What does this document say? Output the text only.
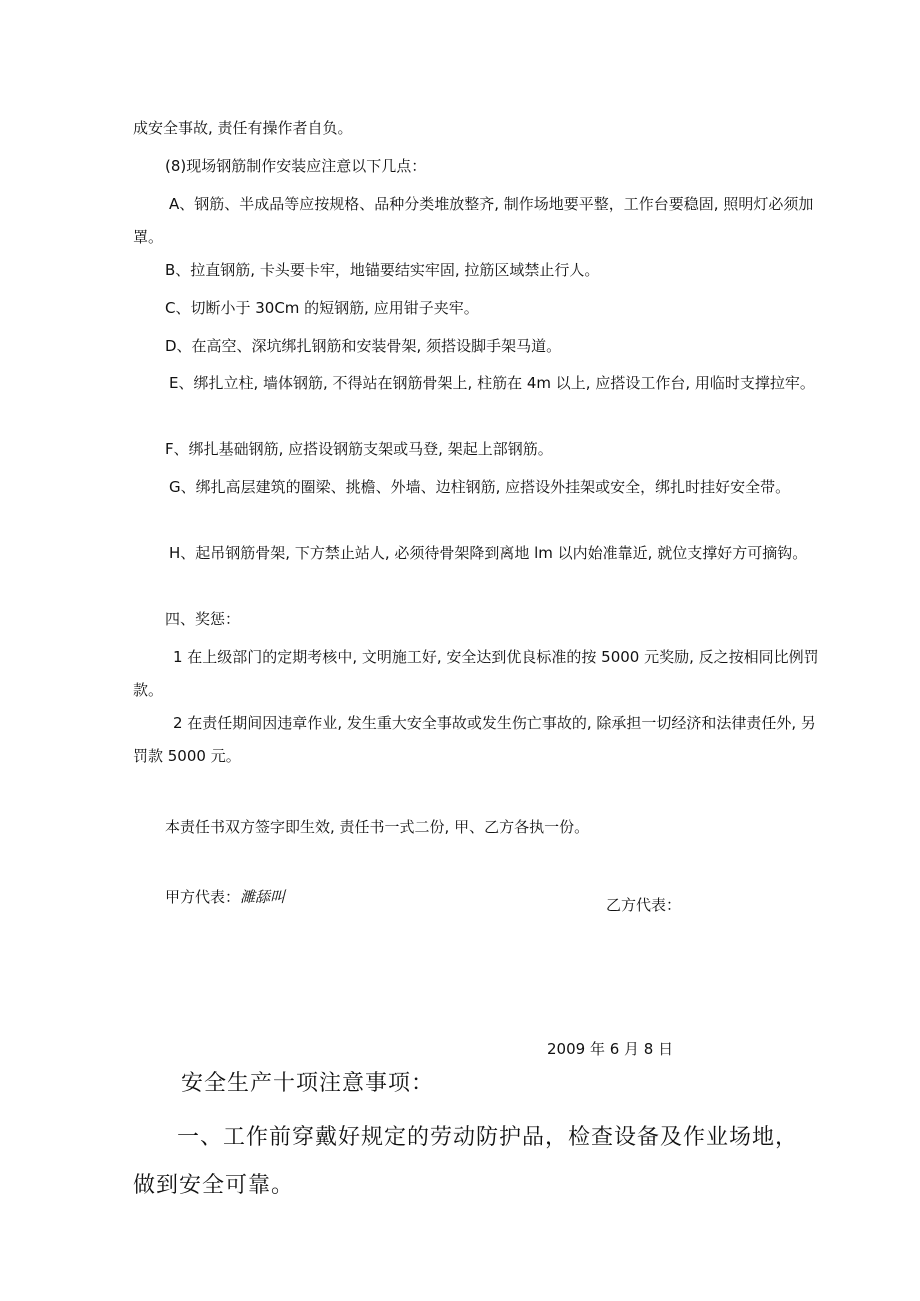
成安全事故, 责任有操作者自负。

(8)现场钢筋制作安装应注意以下几点：

A、钢筋、半成品等应按规格、品种分类堆放整齐, 制作场地要平整，工作台要稳固, 照明灯必须加罩。

B、拉直钢筋, 卡头要卡牢，地锚要结实牢固, 拉筋区域禁止行人。

C、切断小于 30Cm 的短钢筋, 应用钳子夹牢。

D、在高空、深坑绑扎钢筋和安装骨架, 须搭设脚手架马道。

E、绑扎立柱, 墙体钢筋, 不得站在钢筋骨架上, 柱筋在 4m 以上, 应搭设工作台, 用临时支撑拉牢。

F、绑扎基础钢筋, 应搭设钢筋支架或马登, 架起上部钢筋。

G、绑扎高层建筑的圈梁、挑檐、外墙、边柱钢筋, 应搭设外挂架或安全，绑扎时挂好安全带。

H、起吊钢筋骨架, 下方禁止站人, 必须待骨架降到离地 lm 以内始准靠近, 就位支撑好方可摘钩。

四、奖惩：

1 在上级部门的定期考核中, 文明施工好, 安全达到优良标准的按 5000 元奖励, 反之按相同比例罚款。

2 在责任期间因违章作业, 发生重大安全事故或发生伤亡事故的, 除承担一切经济和法律责任外, 另罚款 5000 元。

本责任书双方签字即生效, 责任书一式二份, 甲、乙方各执一份。

甲方代表：濉舔叫	乙方代表：
2009 年 6 月 8 日
安全生产十项注意事项：

一、工作前穿戴好规定的劳动防护品，检查设备及作业场地，做到安全可靠。
